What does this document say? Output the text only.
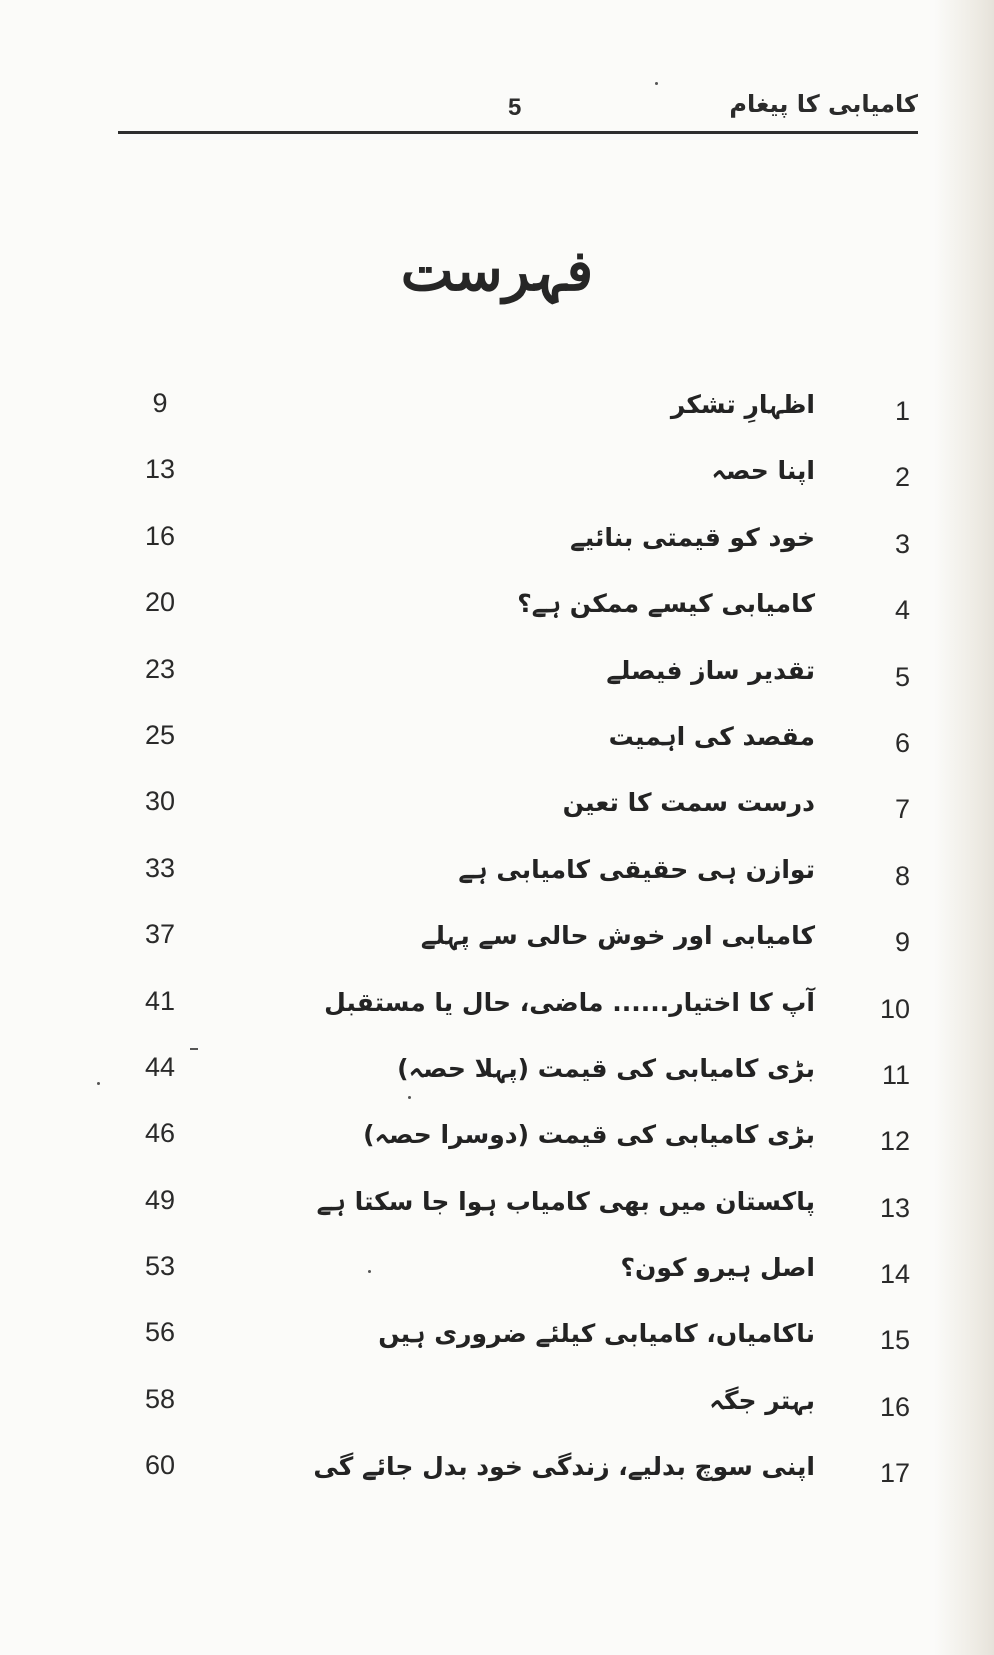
کامیابی کا پیغام
5
فہرست
1
اظہارِ تشکر
9
2
اپنا حصہ
13
3
خود کو قیمتی بنائیے
16
4
کامیابی کیسے ممکن ہے؟
20
5
تقدیر ساز فیصلے
23
6
مقصد کی اہمیت
25
7
درست سمت کا تعین
30
8
توازن ہی حقیقی کامیابی ہے
33
9
کامیابی اور خوش حالی سے پہلے
37
10
آپ کا اختیار...... ماضی، حال یا مستقبل
41
11
بڑی کامیابی کی قیمت (پہلا حصہ)
44
12
بڑی کامیابی کی قیمت (دوسرا حصہ)
46
13
پاکستان میں بھی کامیاب ہوا جا سکتا ہے
49
14
اصل ہیرو کون؟
53
15
ناکامیاں، کامیابی کیلئے ضروری ہیں
56
16
بہتر جگہ
58
17
اپنی سوچ بدلیے، زندگی خود بدل جائے گی
60
